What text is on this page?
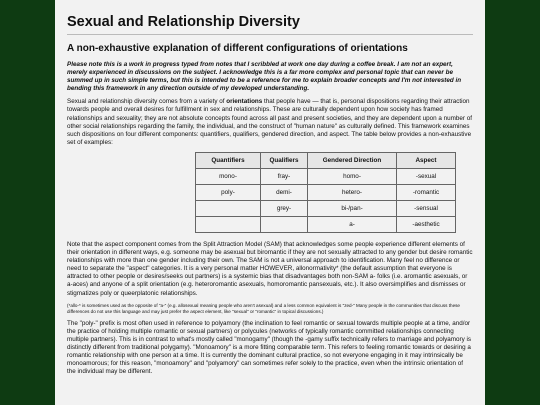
Sexual and Relationship Diversity
A non-exhaustive explanation of different configurations of orientations

Please note this is a work in progress typed from notes that I scribbled at work one day during a coffee break. I am not an expert, merely experienced in discussions on the subject. I acknowledge this is a far more complex and personal topic that can never be summed up in such simple terms, but this is intended to be a reference for me to explain broader concepts and I'm not interested in bending this framework in any direction outside of my developed understanding.

Sexual and relationship diversity comes from a variety of orientations that people have — that is, personal dispositions regarding their attraction towards people and overall desires for fulfillment in sex and relationships. These are culturally dependent upon how society has framed relationships and sexuality; they are not absolute concepts found across all past and present societies, and they are dependent upon a number of other social relationships regarding the family, the individual, and the construct of "human nature" as culturally defined. This framework examines such dispositions on four different components: quantifiers, qualifiers, gendered direction, and aspect. The table below provides a non-exhaustive set of examples:

Quantifiers	Qualifiers	Gendered Direction	Aspect
mono-	fray-	homo-	-sexual
poly-	demi-	hetero-	-romantic
	grey-	bi-/pan-	-sensual
		a-	-aesthetic

Note that the aspect component comes from the Split Attraction Model (SAM) that acknowledges some people experience different elements of their orientation in different ways, e.g. someone may be asexual but biromantic if they are not sexually attracted to any gender but desire romantic relationships with more than one gender including their own. The SAM is not a universal approach to identification. Many feel no difference or need to separate the "aspect" categories. It is a very personal matter HOWEVER, allonormativity* (the default assumption that everyone is attracted to other people or desires/seeks out partners) is a systemic bias that disadvantages both non-SAM a- folks (i.e. aromantic asexuals, or a-aces) and anyone of a split orientation (e.g. heteroromantic asexuals, homoromantic pansexuals, etc.). It also oversimplifies and dismisses or stigmatizes poly or queerplatonic relationships.

(*allo-* is sometimes used as the opposite of "a-" (e.g. allosexual meaning people who aren't asexual) and a less common equivalent is "zed-" Many people in the communities that discuss these differences do not use this language and may just prefer the aspect element, like "sexual" or "romantic" in topical discussions.)

The "poly-" prefix is most often used in reference to polyamory (the inclination to feel romantic or sexual towards multiple people at a time, and/or the practice of holding multiple romantic or sexual partners) or polycules (networks of typically romantic committed relationships connecting multiple partners). This is in contrast to what's mostly called "monogamy" (though the -gamy suffix technically refers to marriage and polyamory is distinctly different from traditional polygamy). "Monoamory" is a more fitting comparable term. This refers to feeling romantic towards or desiring a romantic relationship with one person at a time. It is currently the dominant cultural practice, so not everyone engaging in it may intrinsically be monoamorous; for this reason, "monoamory" and "polyamory" can sometimes refer solely to the practice, even when the intrinsic orientation of the individual may be different.
